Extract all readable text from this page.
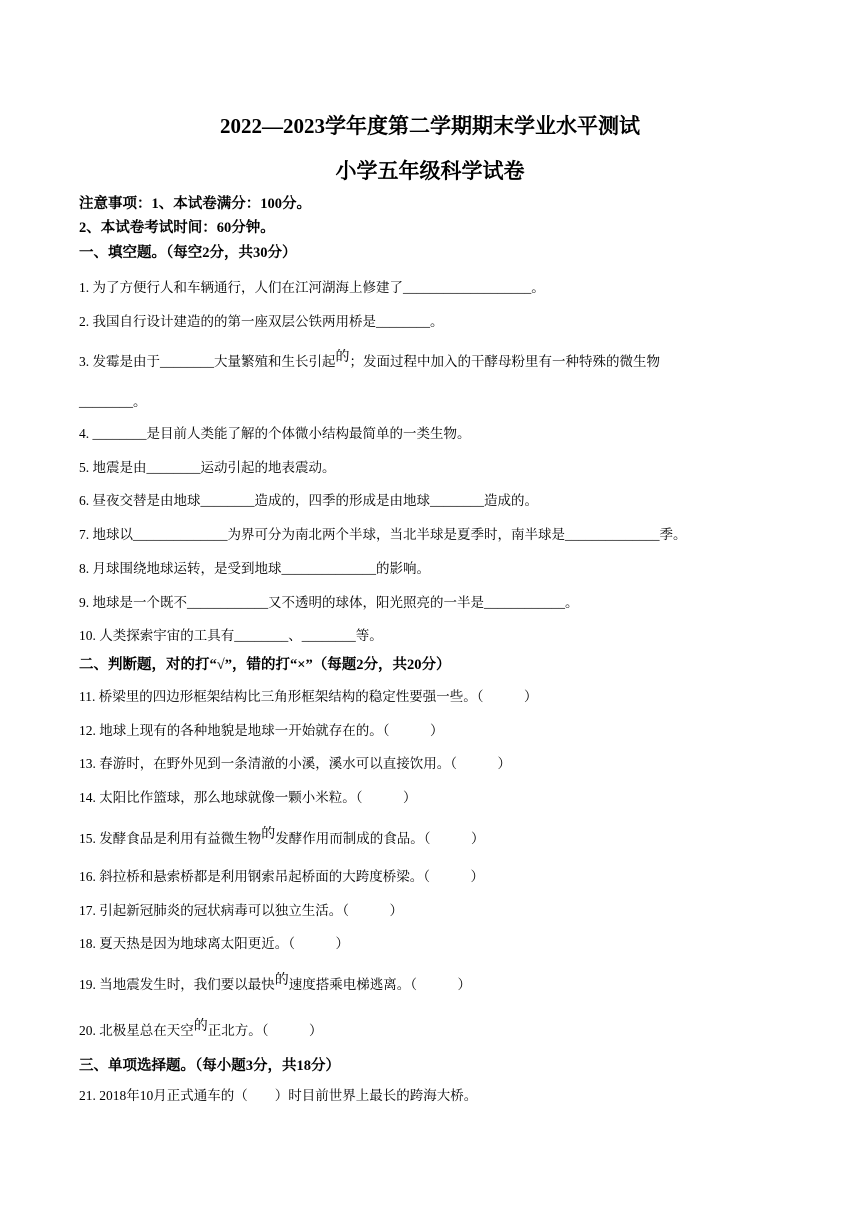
2022—2023学年度第二学期期末学业水平测试
小学五年级科学试卷
注意事项：1、本试卷满分：100分。
2、本试卷考试时间：60分钟。
一、填空题。（每空2分，共30分）
1. 为了方便行人和车辆通行，人们在江河湖海上修建了___________________。
2. 我国自行设计建造的的第一座双层公铁两用桥是________。
3. 发霉是由于________大量繁殖和生长引起的；发面过程中加入的干酵母粉里有一种特殊的微生物
________。
4. ________是目前人类能了解的个体微小结构最简单的一类生物。
5. 地震是由________运动引起的地表震动。
6. 昼夜交替是由地球________造成的，四季的形成是由地球________造成的。
7. 地球以______________为界可分为南北两个半球，当北半球是夏季时，南半球是______________季。
8. 月球围绕地球运转，是受到地球______________的影响。
9. 地球是一个既不____________又不透明的球体，阳光照亮的一半是____________。
10. 人类探索宇宙的工具有________、________等。
二、判断题，对的打“√”，错的打“×”（每题2分，共20分）
11. 桥梁里的四边形框架结构比三角形框架结构的稳定性要强一些。（　　　）
12. 地球上现有的各种地貌是地球一开始就存在的。（　　　）
13. 春游时，在野外见到一条清澈的小溪，溪水可以直接饮用。（　　　）
14. 太阳比作篮球，那么地球就像一颗小米粒。（　　　）
15. 发酵食品是利用有益微生物的发酵作用而制成的食品。（　　　）
16. 斜拉桥和悬索桥都是利用钢索吊起桥面的大跨度桥梁。（　　　）
17. 引起新冠肺炎的冠状病毒可以独立生活。（　　　）
18. 夏天热是因为地球离太阳更近。（　　　）
19. 当地震发生时，我们要以最快的速度搭乘电梯逃离。（　　　）
20. 北极星总在天空的正北方。（　　　）
三、单项选择题。（每小题3分，共18分）
21. 2018年10月正式通车的（　　）时目前世界上最长的跨海大桥。
